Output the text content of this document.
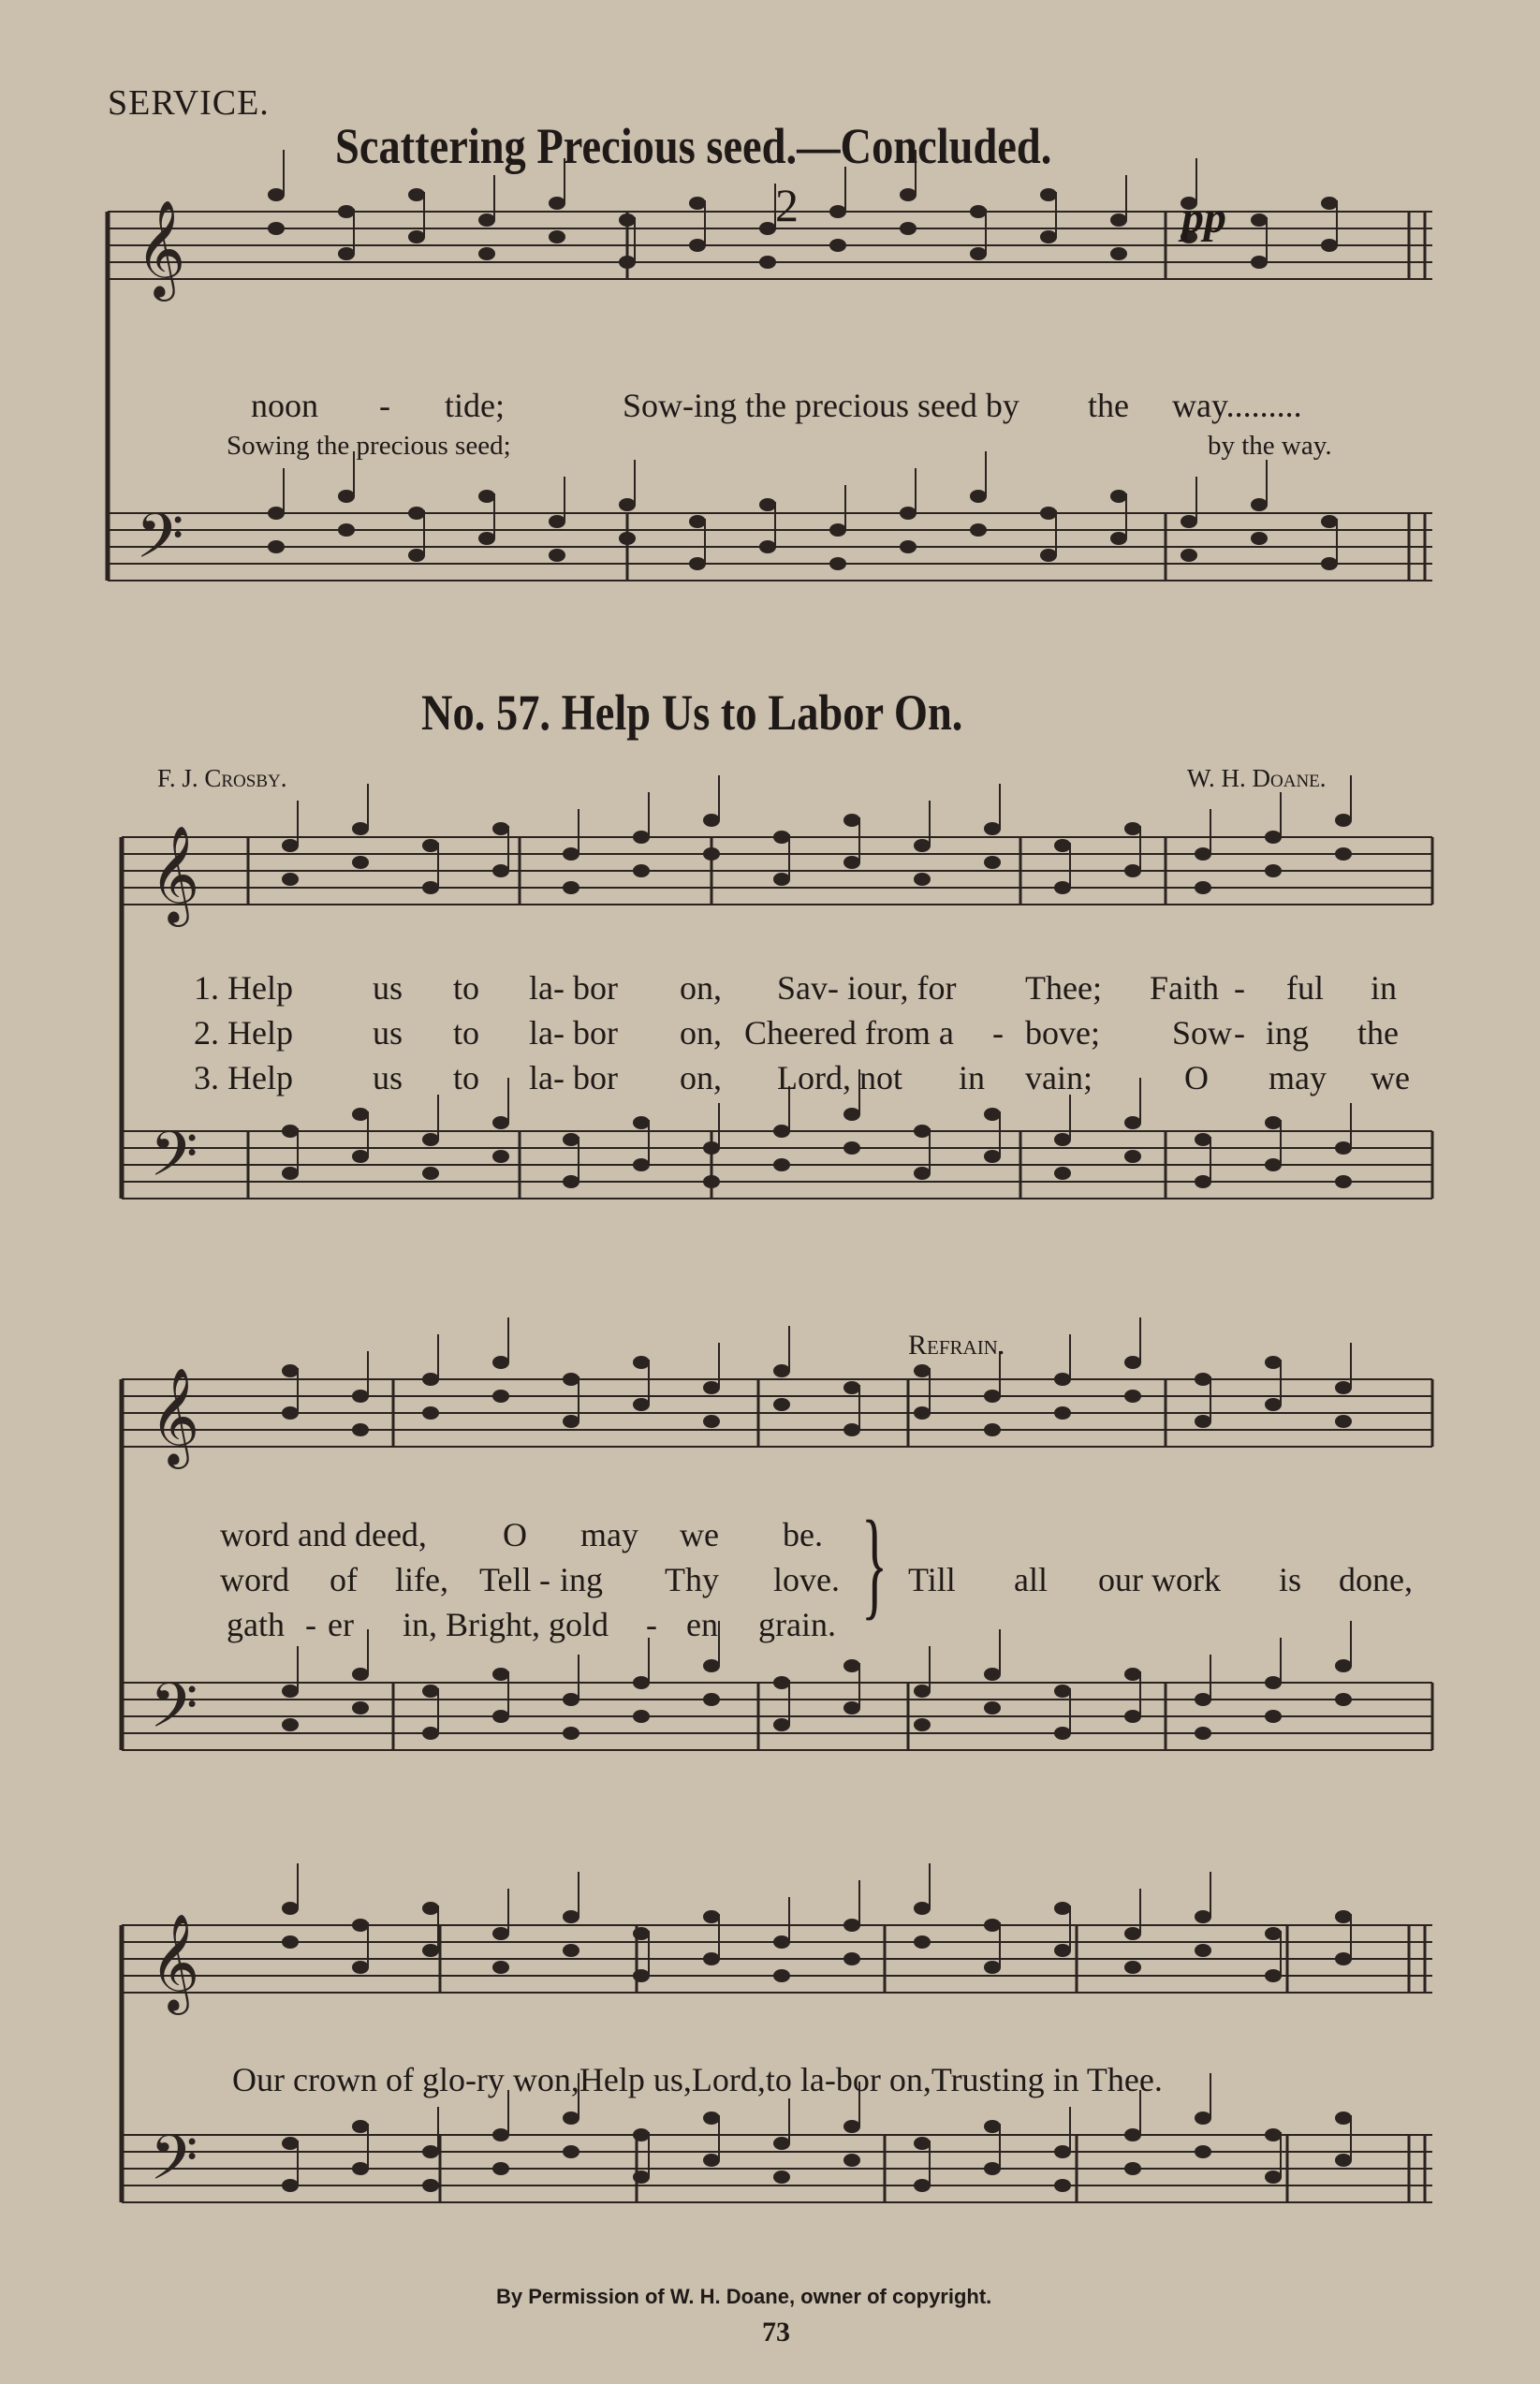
𝄞
𝄢
𝄞
𝄢
𝄞
𝄢
𝄞
𝄢
SERVICE.
Scattering Precious seed.—Concluded.
2	pp
noon - tide;	Sow-ing the precious seed by the way.........
Sowing the precious seed;	by the way.
No. 57. Help Us to Labor On.
F. J. Crosby.	W. H. Doane.
1. Help us to la- bor on, Sav- iour, for Thee; Faith - ful in
2. Help us to la- bor on, Cheered from a - bove; Sow - ing the
3. Help us to la- bor on, Lord, not in vain;	O may we
word and deed, O may we be.
word of life, Tell - ing Thy love.
gath - er in, Bright, gold - en grain. }
Refrain.
Till all our work is done,
Our crown of glo-ry won,Help us,Lord,to la-bor on,Trusting in Thee.
By Permission of W. H. Doane, owner of copyright.
73
